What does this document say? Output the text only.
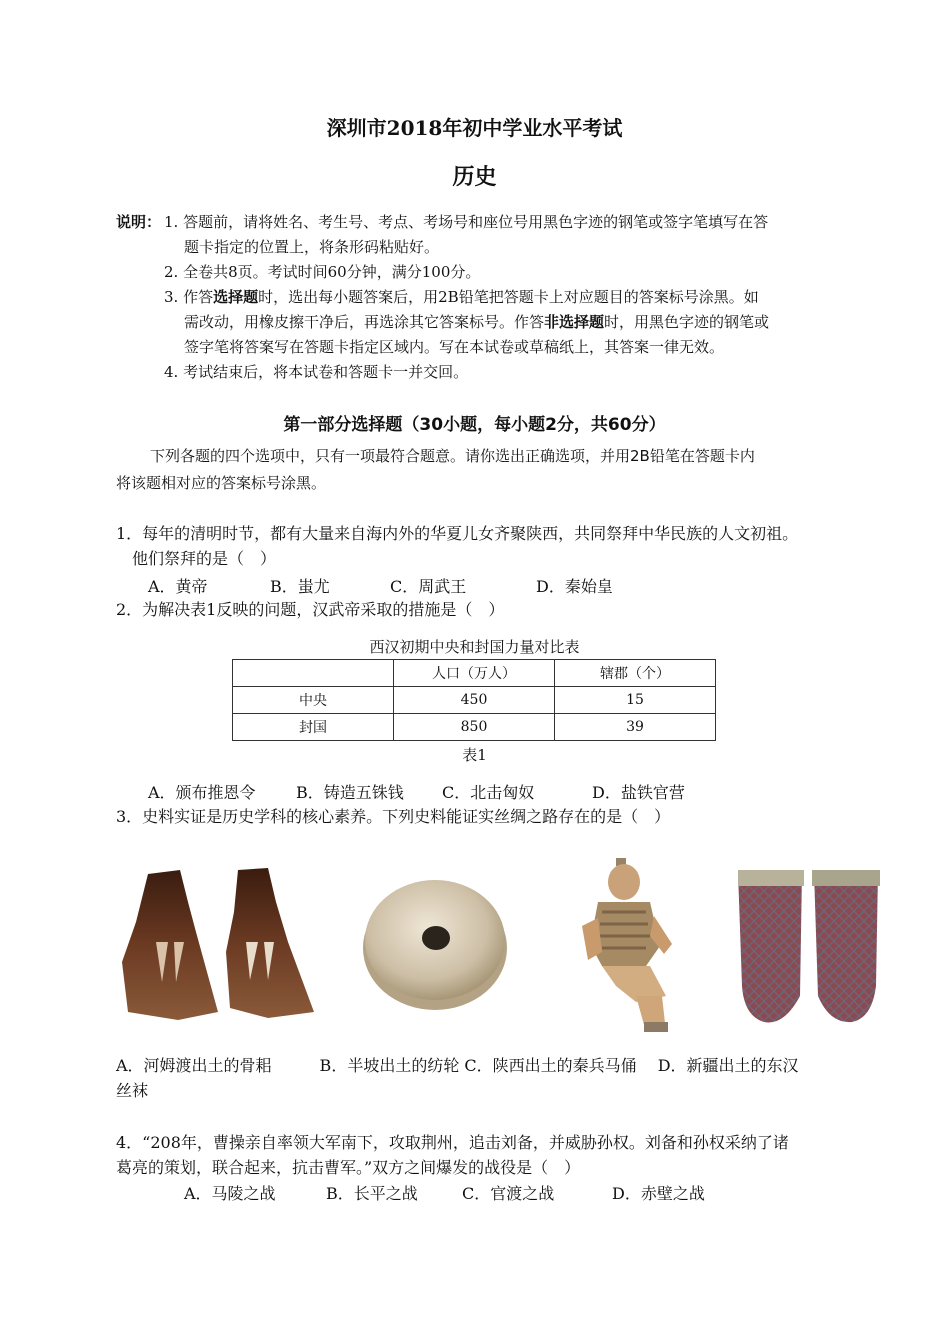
深圳市2018年初中学业水平考试
历史
说明： 1. 答题前，请将姓名、考生号、考点、考场号和座位号用黑色字迹的钢笔或签字笔填写在答
题卡指定的位置上，将条形码粘贴好。
2. 全卷共8页。考试时间60分钟，满分100分。
3. 作答选择题时，选出每小题答案后，用2B铅笔把答题卡上对应题目的答案标号涂黑。如
需改动，用橡皮擦干净后，再选涂其它答案标号。作答非选择题时，用黑色字迹的钢笔或
签字笔将答案写在答题卡指定区域内。写在本试卷或草稿纸上，其答案一律无效。
4. 考试结束后，将本试卷和答题卡一并交回。
第一部分选择题（30小题，每小题2分，共60分）
下列各题的四个选项中，只有一项最符合题意。请你选出正确选项，并用2B铅笔在答题卡内
将该题相对应的答案标号涂黑。
1．每年的清明时节，都有大量来自海内外的华夏儿女齐聚陕西，共同祭拜中华民族的人文初祖。
他们祭拜的是（　）
A．黄帝	B．蚩尤	C．周武王	D．秦始皇
2．为解决表1反映的问题，汉武帝采取的措施是（　）
西汉初期中央和封国力量对比表
	人口（万人）	辖郡（个）
中央	450	15
封国	850	39
表1
A．颁布推恩令	B．铸造五铢钱 C．北击匈奴	D．盐铁官营
3．史料实证是历史学科的核心素养。下列史料能证实丝绸之路存在的是（　）
A．河姆渡出土的骨耜　　　B．半坡出土的纺轮 C．陕西出土的秦兵马俑　 D．新疆出土的东汉
丝袜
4．“208年，曹操亲自率领大军南下，攻取荆州，追击刘备，并威胁孙权。刘备和孙权采纳了诸
葛亮的策划，联合起来，抗击曹军。”双方之间爆发的战役是（　）
A．马陵之战	B．长平之战	C．官渡之战	D．赤壁之战
